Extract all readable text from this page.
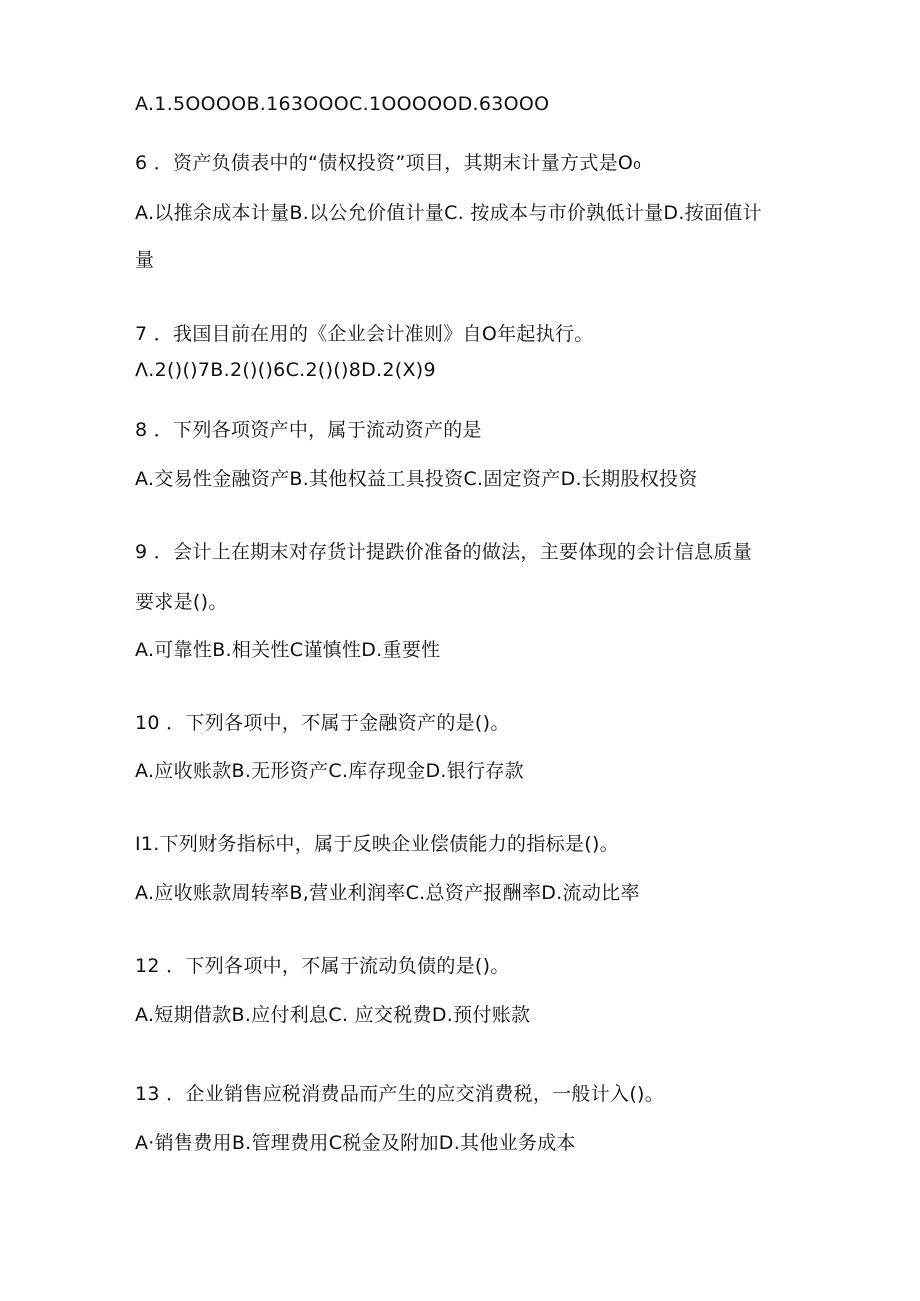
A.1.5OOOOB.163OOOC.1OOOOOD.63OOO
6 ．资产负债表中的“债权投资”项目，其期末计量方式是O₀
A.以推余成本计量B.以公允价值计量C. 按成本与市价孰低计量D.按面值计
量
7 ．我国目前在用的《企业会计准则》自O年起执行。
Λ.2()()7B.2()()6C.2()()8D.2(X)9
8 ．下列各项资产中，属于流动资产的是
A.交易性金融资产B.其他权益工具投资C.固定资产D.长期股权投资
9 ．会计上在期末对存货计提跌价准备的做法，主要体现的会计信息质量
要求是()。
A.可靠性B.相关性C谨慎性D.重要性
10 ．下列各项中，不属于金融资产的是()。
A.应收账款B.无形资产C.库存现金D.银行存款
I1.下列财务指标中，属于反映企业偿债能力的指标是()。
A.应收账款周转率B,营业利润率C.总资产报酬率D.流动比率
12 ．下列各项中，不属于流动负债的是()。
A.短期借款B.应付利息C. 应交税费D.预付账款
13 ．企业销售应税消费品而产生的应交消费税，一般计入()。
A·销售费用B.管理费用C税金及附加D.其他业务成本
